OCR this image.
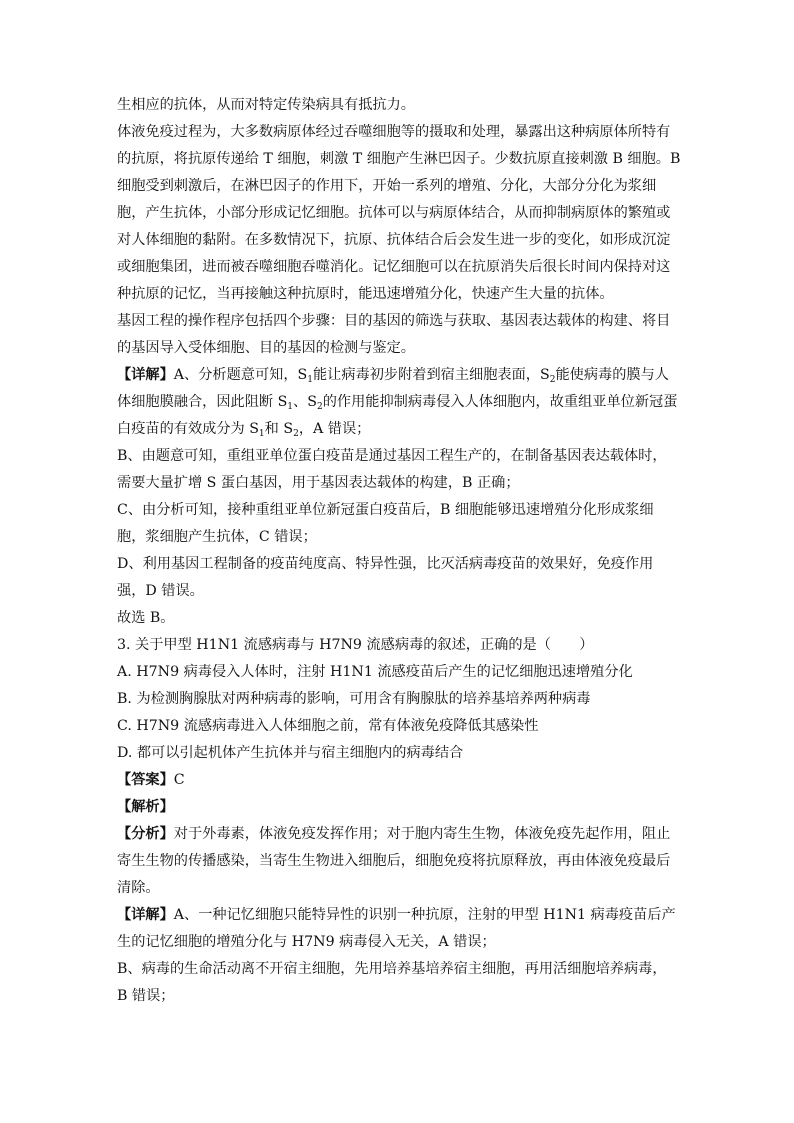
生相应的抗体，从而对特定传染病具有抵抗力。
体液免疫过程为，大多数病原体经过吞噬细胞等的摄取和处理，暴露出这种病原体所特有
的抗原，将抗原传递给 T 细胞，刺激 T 细胞产生淋巴因子。少数抗原直接刺激 B 细胞。B
细胞受到刺激后，在淋巴因子的作用下，开始一系列的增殖、分化，大部分分化为浆细
胞，产生抗体，小部分形成记忆细胞。抗体可以与病原体结合，从而抑制病原体的繁殖或
对人体细胞的黏附。在多数情况下，抗原、抗体结合后会发生进一步的变化，如形成沉淀
或细胞集团，进而被吞噬细胞吞噬消化。记忆细胞可以在抗原消失后很长时间内保持对这
种抗原的记忆，当再接触这种抗原时，能迅速增殖分化，快速产生大量的抗体。
基因工程的操作程序包括四个步骤：目的基因的筛选与获取、基因表达载体的构建、将目
的基因导入受体细胞、目的基因的检测与鉴定。
【详解】A、分析题意可知，$S_1$能让病毒初步附着到宿主细胞表面，$S_2$能使病毒的膜与人
体细胞膜融合，因此阻断 $S_1$、$S_2$的作用能抑制病毒侵入人体细胞内，故重组亚单位新冠蛋
白疫苗的有效成分为 $S_1$和 $S_2$，A 错误；
B、由题意可知，重组亚单位蛋白疫苗是通过基因工程生产的，在制备基因表达载体时，
需要大量扩增 S 蛋白基因，用于基因表达载体的构建，B 正确；
C、由分析可知，接种重组亚单位新冠蛋白疫苗后，B 细胞能够迅速增殖分化形成浆细
胞，浆细胞产生抗体，C 错误；
D、利用基因工程制备的疫苗纯度高、特异性强，比灭活病毒疫苗的效果好，免疫作用
强，D 错误。
故选 B。
3. 关于甲型 H1N1 流感病毒与 H7N9 流感病毒的叙述，正确的是（　　）
A. H7N9 病毒侵入人体时，注射 H1N1 流感疫苗后产生的记忆细胞迅速增殖分化
B. 为检测胸腺肽对两种病毒的影响，可用含有胸腺肽的培养基培养两种病毒
C. H7N9 流感病毒进入人体细胞之前，常有体液免疫降低其感染性
D. 都可以引起机体产生抗体并与宿主细胞内的病毒结合
【答案】C
【解析】
【分析】对于外毒素，体液免疫发挥作用；对于胞内寄生生物，体液免疫先起作用，阻止
寄生生物的传播感染，当寄生生物进入细胞后，细胞免疫将抗原释放，再由体液免疫最后
清除。
【详解】A、一种记忆细胞只能特异性的识别一种抗原，注射的甲型 H1N1 病毒疫苗后产
生的记忆细胞的增殖分化与 H7N9 病毒侵入无关，A 错误；
B、病毒的生命活动离不开宿主细胞，先用培养基培养宿主细胞，再用活细胞培养病毒，
B 错误；
